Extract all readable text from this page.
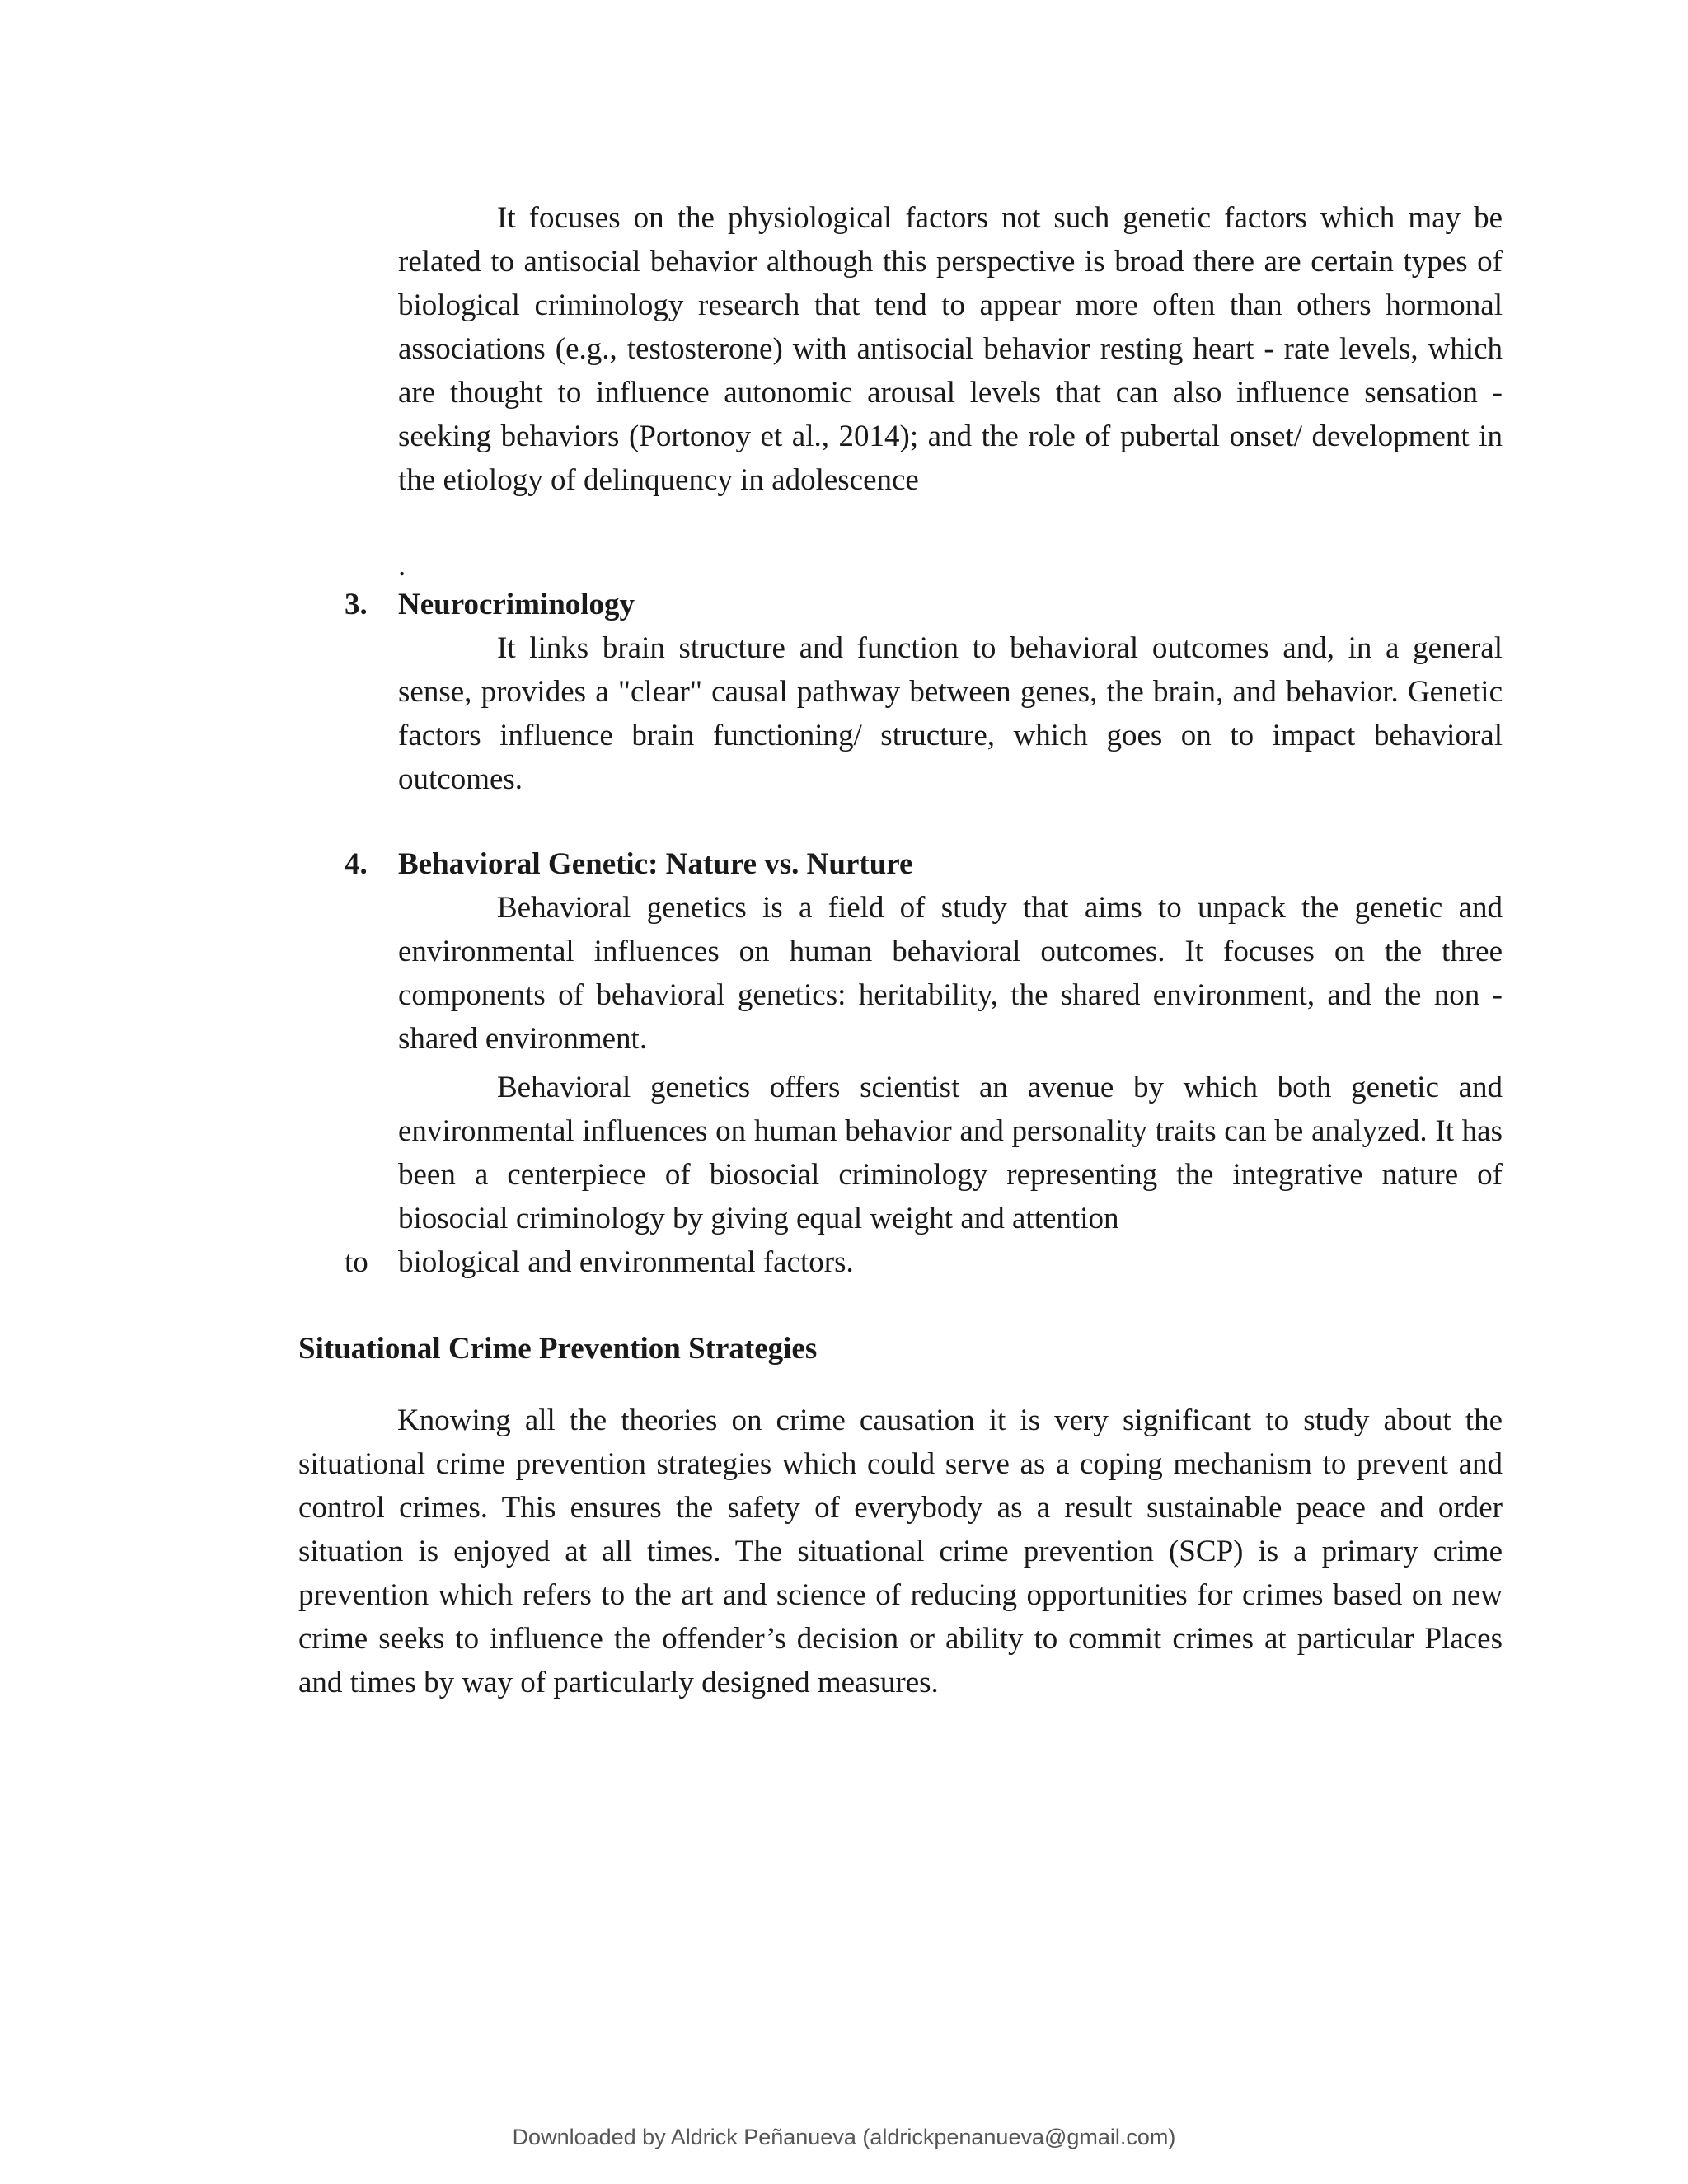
It focuses on the physiological factors not such genetic factors which may be related to antisocial behavior although this perspective is broad there are certain types of biological criminology research that tend to appear more often than others hormonal associations (e.g., testosterone) with antisocial behavior resting heart - rate levels, which are thought to influence autonomic arousal levels that can also influence sensation - seeking behaviors (Portonoy et al., 2014); and the role of pubertal onset/ development in the etiology of delinquency in adolescence

.
3. Neurocriminology

It links brain structure and function to behavioral outcomes and, in a general sense, provides a "clear" causal pathway between genes, the brain, and behavior. Genetic factors influence brain functioning/ structure, which goes on to impact behavioral outcomes.

4. Behavioral Genetic: Nature vs. Nurture

Behavioral genetics is a field of study that aims to unpack the genetic and environmental influences on human behavioral outcomes. It focuses on the three components of behavioral genetics: heritability, the shared environment, and the non - shared environment.

Behavioral genetics offers scientist an avenue by which both genetic and environmental influences on human behavior and personality traits can be analyzed. It has been a centerpiece of biosocial criminology representing the integrative nature of biosocial criminology by giving equal weight and attention

to biological and environmental factors.

Situational Crime Prevention Strategies

Knowing all the theories on crime causation it is very significant to study about the situational crime prevention strategies which could serve as a coping mechanism to prevent and control crimes. This ensures the safety of everybody as a result sustainable peace and order situation is enjoyed at all times. The situational crime prevention (SCP) is a primary crime prevention which refers to the art and science of reducing opportunities for crimes based on new crime seeks to influence the offender’s decision or ability to commit crimes at particular Places and times by way of particularly designed measures.

Downloaded by Aldrick Peñanueva (aldrickpenanueva@gmail.com)
